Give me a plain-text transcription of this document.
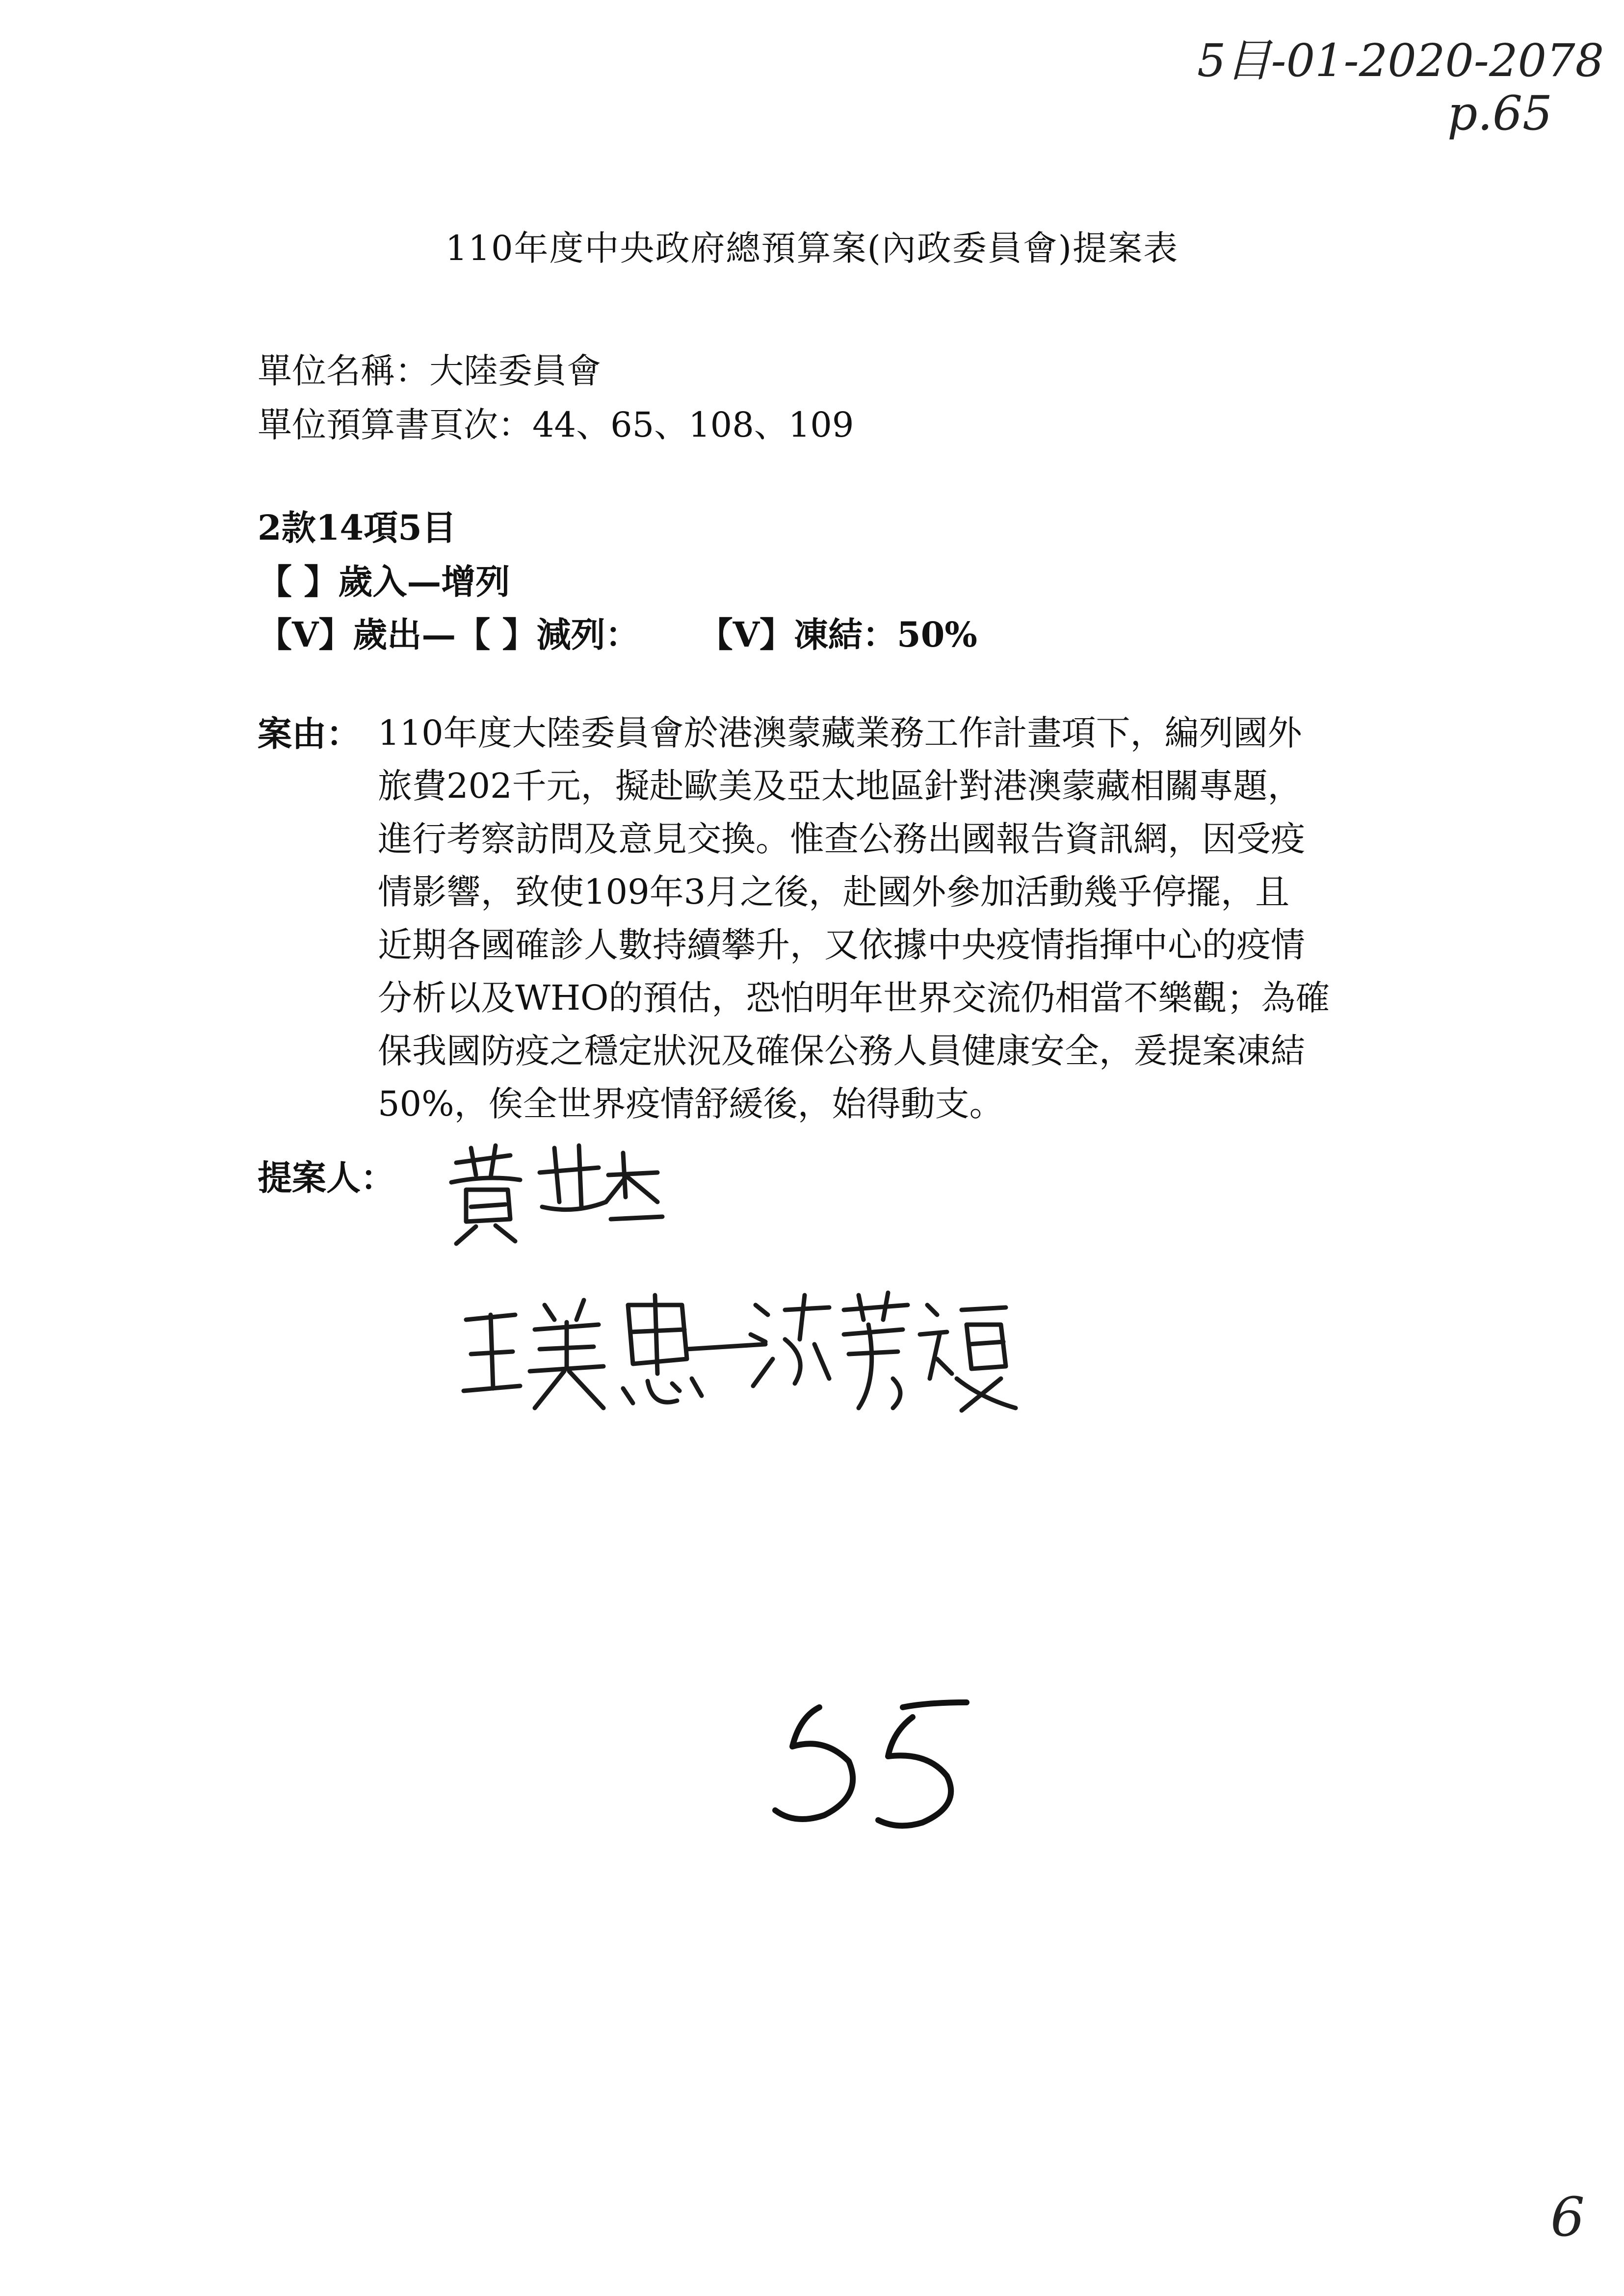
5目-01-2020-2078
p.65
110年度中央政府總預算案(內政委員會)提案表
單位名稱：大陸委員會
單位預算書頁次：44、65、108、109
2款14項5目
【 】歲入—增列
【V】歲出—【 】減列： 【V】凍結：50%
案由： 110年度大陸委員會於港澳蒙藏業務工作計畫項下，編列國外
旅費202千元，擬赴歐美及亞太地區針對港澳蒙藏相關專題，
進行考察訪問及意見交換。惟查公務出國報告資訊網，因受疫
情影響，致使109年3月之後，赴國外參加活動幾乎停擺，且
近期各國確診人數持續攀升，又依據中央疫情指揮中心的疫情
分析以及WHO的預估，恐怕明年世界交流仍相當不樂觀；為確
保我國防疫之穩定狀況及確保公務人員健康安全，爰提案凍結
50%，俟全世界疫情舒緩後，始得動支。
提案人：
6
